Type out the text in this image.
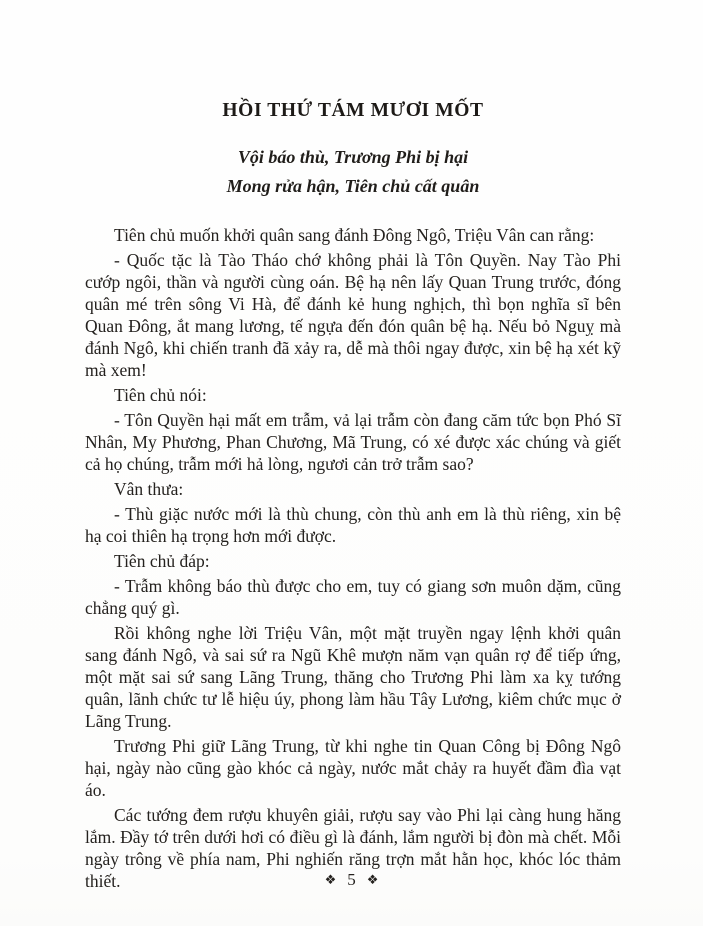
HỒI THỨ TÁM MƯƠI MỐT
Vội báo thù, Trương Phi bị hại
Mong rửa hận, Tiên chủ cất quân

Tiên chủ muốn khởi quân sang đánh Đông Ngô, Triệu Vân can rằng:

- Quốc tặc là Tào Tháo chớ không phải là Tôn Quyền. Nay Tào Phi cướp ngôi, thần và người cùng oán. Bệ hạ nên lấy Quan Trung trước, đóng quân mé trên sông Vi Hà, để đánh kẻ hung nghịch, thì bọn nghĩa sĩ bên Quan Đông, ắt mang lương, tế ngựa đến đón quân bệ hạ. Nếu bỏ Nguỵ mà đánh Ngô, khi chiến tranh đã xảy ra, dễ mà thôi ngay được, xin bệ hạ xét kỹ mà xem!

Tiên chủ nói:

- Tôn Quyền hại mất em trẫm, vả lại trẫm còn đang căm tức bọn Phó Sĩ Nhân, My Phương, Phan Chương, Mã Trung, có xé được xác chúng và giết cả họ chúng, trẫm mới hả lòng, ngươi cản trở trẫm sao?

Vân thưa:

- Thù giặc nước mới là thù chung, còn thù anh em là thù riêng, xin bệ hạ coi thiên hạ trọng hơn mới được.

Tiên chủ đáp:

- Trẫm không báo thù được cho em, tuy có giang sơn muôn dặm, cũng chẳng quý gì.

Rồi không nghe lời Triệu Vân, một mặt truyền ngay lệnh khởi quân sang đánh Ngô, và sai sứ ra Ngũ Khê mượn năm vạn quân rợ để tiếp ứng, một mặt sai sứ sang Lãng Trung, thăng cho Trương Phi làm xa kỵ tướng quân, lãnh chức tư lễ hiệu úy, phong làm hầu Tây Lương, kiêm chức mục ở Lãng Trung.

Trương Phi giữ Lãng Trung, từ khi nghe tin Quan Công bị Đông Ngô hại, ngày nào cũng gào khóc cả ngày, nước mắt chảy ra huyết đầm đìa vạt áo.

Các tướng đem rượu khuyên giải, rượu say vào Phi lại càng hung hăng lắm. Đầy tớ trên dưới hơi có điều gì là đánh, lắm người bị đòn mà chết. Mỗi ngày trông về phía nam, Phi nghiến răng trợn mắt hằn học, khóc lóc thảm thiết.	❖ 5 ❖
